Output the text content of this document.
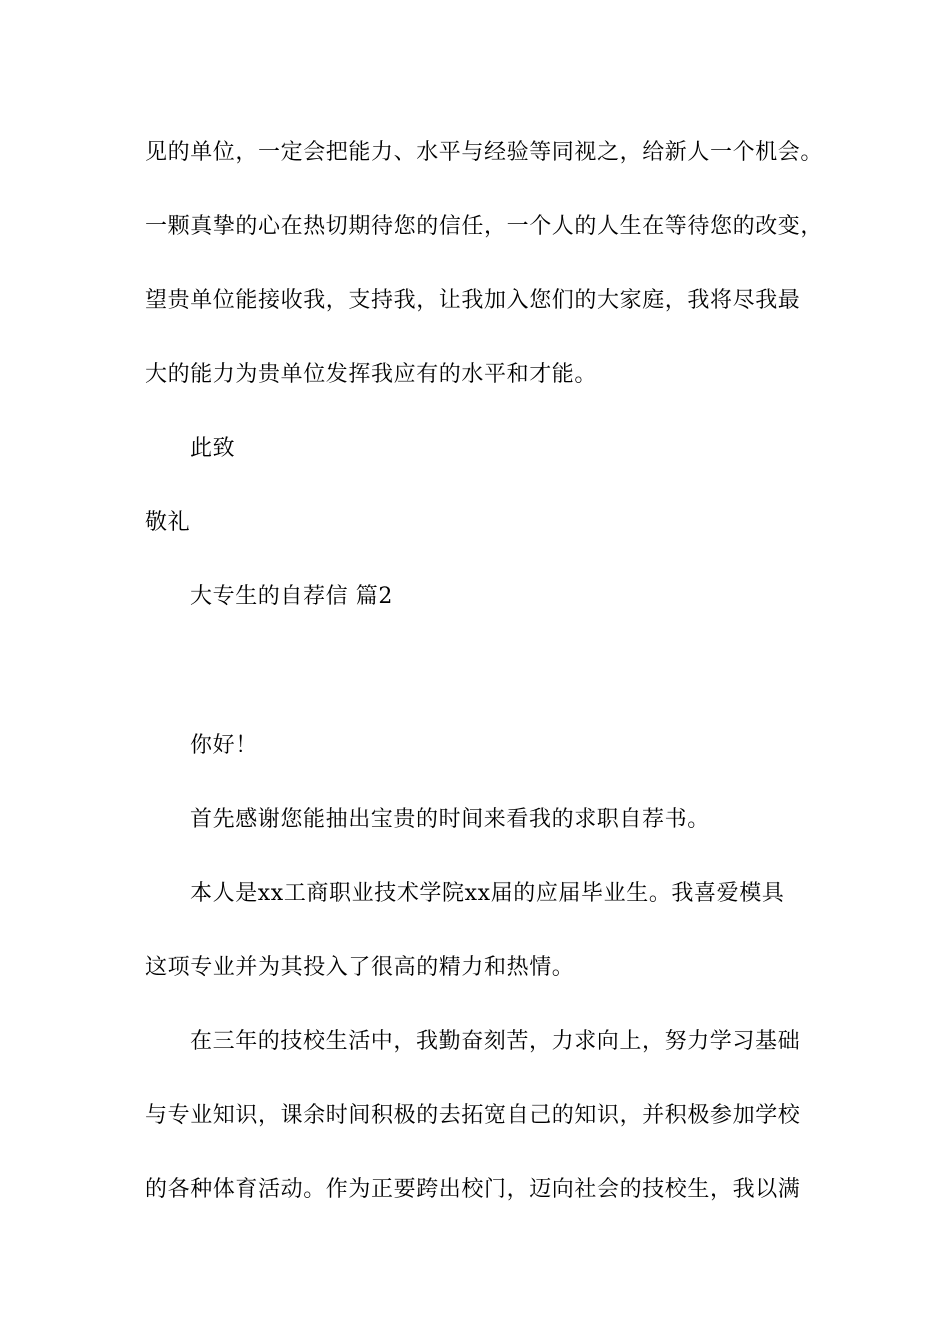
见的单位，一定会把能力、水平与经验等同视之，给新人一个机会。
一颗真挚的心在热切期待您的信任，一个人的人生在等待您的改变，
望贵单位能接收我，支持我，让我加入您们的大家庭，我将尽我最
大的能力为贵单位发挥我应有的水平和才能。
此致
敬礼
大专生的自荐信 篇2
你好！
首先感谢您能抽出宝贵的时间来看我的求职自荐书。
本人是xx工商职业技术学院xx届的应届毕业生。我喜爱模具
这项专业并为其投入了很高的精力和热情。
在三年的技校生活中，我勤奋刻苦，力求向上，努力学习基础
与专业知识，课余时间积极的去拓宽自己的知识，并积极参加学校
的各种体育活动。作为正要跨出校门，迈向社会的技校生，我以满
